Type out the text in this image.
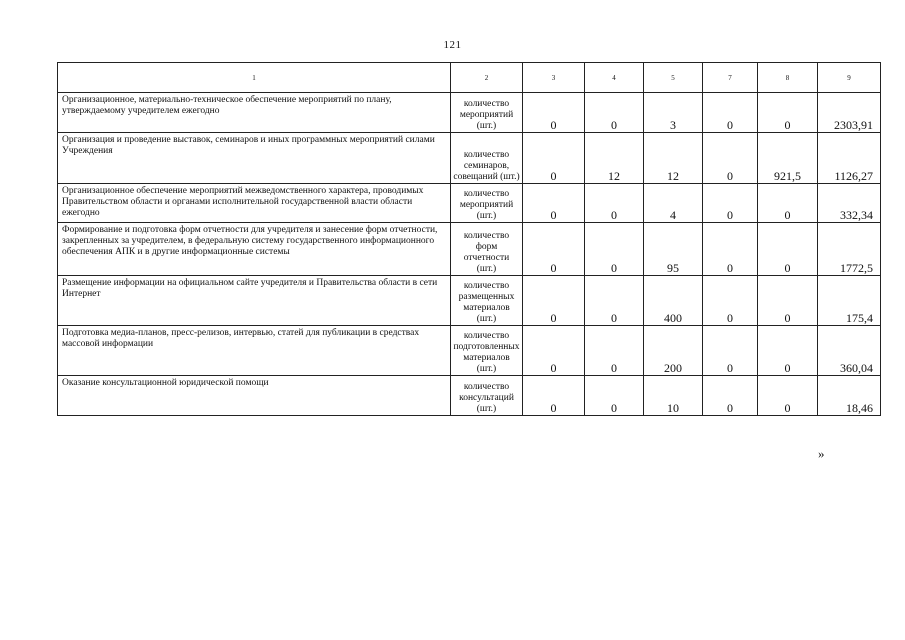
121
1	2	3	4	5	7	8	9
Организационное, материально-техническое обеспечение мероприятий по плану, утверждаемому учредителем ежегодно	количество мероприятий (шт.)	0	0	3	0	0	2303,91
Организация и проведение выставок, семинаров и иных программных мероприятий силами Учреждения	количество семинаров, совещаний (шт.)	0	12	12	0	921,5	1126,27
Организационное обеспечение мероприятий межведомственного характера, проводимых Правительством области и органами исполнительной государственной власти области ежегодно	количество мероприятий (шт.)	0	0	4	0	0	332,34
Формирование и подготовка форм отчетности для учредителя и занесение форм отчетности, закрепленных за учредителем, в федеральную систему государственного информационного обеспечения АПК и в другие информационные системы	количество форм отчетности (шт.)	0	0	95	0	0	1772,5
Размещение информации на официальном сайте учредителя и Правительства области в сети Интернет	количество размещенных материалов (шт.)	0	0	400	0	0	175,4
Подготовка медиа-планов, пресс-релизов, интервью, статей для публикации в средствах массовой информации	количество подготовленных материалов (шт.)	0	0	200	0	0	360,04
Оказание консультационной юридической помощи	количество консультаций (шт.)	0	0	10	0	0	18,46
»
